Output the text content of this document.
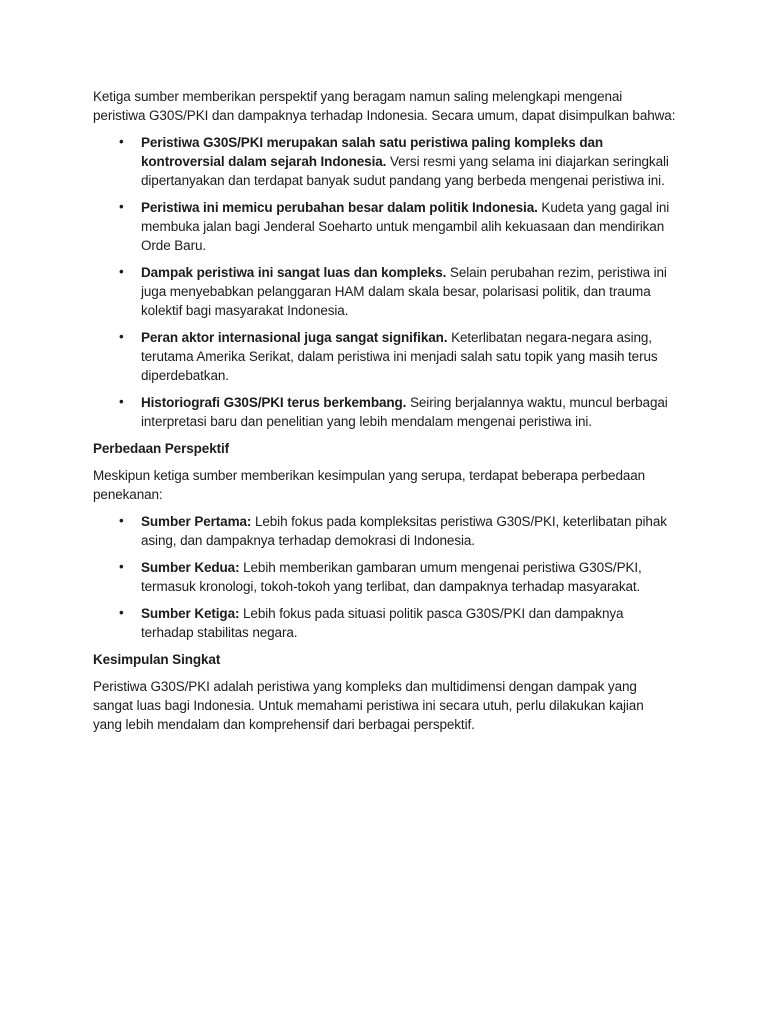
Ketiga sumber memberikan perspektif yang beragam namun saling melengkapi mengenai peristiwa G30S/PKI dan dampaknya terhadap Indonesia. Secara umum, dapat disimpulkan bahwa:

• Peristiwa G30S/PKI merupakan salah satu peristiwa paling kompleks dan kontroversial dalam sejarah Indonesia. Versi resmi yang selama ini diajarkan seringkali dipertanyakan dan terdapat banyak sudut pandang yang berbeda mengenai peristiwa ini.
• Peristiwa ini memicu perubahan besar dalam politik Indonesia. Kudeta yang gagal ini membuka jalan bagi Jenderal Soeharto untuk mengambil alih kekuasaan dan mendirikan Orde Baru.
• Dampak peristiwa ini sangat luas dan kompleks. Selain perubahan rezim, peristiwa ini juga menyebabkan pelanggaran HAM dalam skala besar, polarisasi politik, dan trauma kolektif bagi masyarakat Indonesia.
• Peran aktor internasional juga sangat signifikan. Keterlibatan negara-negara asing, terutama Amerika Serikat, dalam peristiwa ini menjadi salah satu topik yang masih terus diperdebatkan.
• Historiografi G30S/PKI terus berkembang. Seiring berjalannya waktu, muncul berbagai interpretasi baru dan penelitian yang lebih mendalam mengenai peristiwa ini.

Perbedaan Perspektif

Meskipun ketiga sumber memberikan kesimpulan yang serupa, terdapat beberapa perbedaan penekanan:

• Sumber Pertama: Lebih fokus pada kompleksitas peristiwa G30S/PKI, keterlibatan pihak asing, dan dampaknya terhadap demokrasi di Indonesia.
• Sumber Kedua: Lebih memberikan gambaran umum mengenai peristiwa G30S/PKI, termasuk kronologi, tokoh-tokoh yang terlibat, dan dampaknya terhadap masyarakat.
• Sumber Ketiga: Lebih fokus pada situasi politik pasca G30S/PKI dan dampaknya terhadap stabilitas negara.

Kesimpulan Singkat

Peristiwa G30S/PKI adalah peristiwa yang kompleks dan multidimensi dengan dampak yang sangat luas bagi Indonesia. Untuk memahami peristiwa ini secara utuh, perlu dilakukan kajian yang lebih mendalam dan komprehensif dari berbagai perspektif.
